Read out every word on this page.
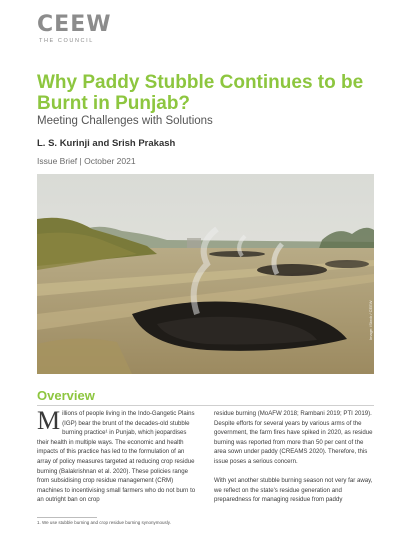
C E E W
THE COUNCIL
Why Paddy Stubble Continues to be Burnt in Punjab?
Meeting Challenges with Solutions
L. S. Kurinji and Srish Prakash
Issue Brief | October 2021
Image: iStock / CEEW
Overview

Millions of people living in the Indo-Gangetic Plains (IGP) bear the brunt of the decades-old stubble burning practice¹ in Punjab, which jeopardises their health in multiple ways. The economic and health impacts of this practice has led to the formulation of an array of policy measures targeted at reducing crop residue burning (Balakrishnan et al. 2020). These policies range from subsidising crop residue management (CRM) machines to incentivising small farmers who do not burn to an outright ban on crop

residue burning (MoAFW 2018; Rambani 2019; PTI 2019). Despite efforts for several years by various arms of the government, the farm fires have spiked in 2020, as residue burning was reported from more than 50 per cent of the area sown under paddy (CREAMS 2020). Therefore, this issue poses a serious concern.

With yet another stubble burning season not very far away, we reflect on the state's residue generation and preparedness for managing residue from paddy

1. We use stubble burning and crop residue burning synonymously.
